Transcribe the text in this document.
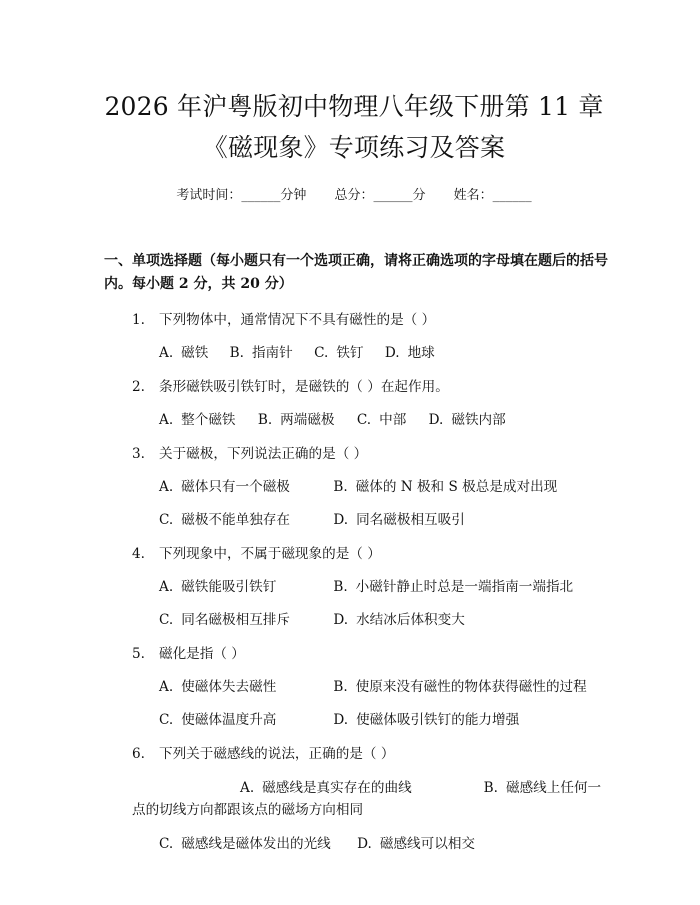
2026 年沪粤版初中物理八年级下册第 11 章
《磁现象》专项练习及答案
考试时间：______分钟 总分：______分 姓名：______
一、单项选择题（每小题只有一个选项正确，请将正确选项的字母填在题后的括号内。每小题 2 分，共 20 分）
1. 下列物体中，通常情况下不具有磁性的是（ ）
A. 磁铁 B. 指南针 C. 铁钉 D. 地球
2. 条形磁铁吸引铁钉时，是磁铁的（ ）在起作用。
A. 整个磁铁 B. 两端磁极 C. 中部 D. 磁铁内部
3. 关于磁极，下列说法正确的是（ ）
A. 磁体只有一个磁极	B. 磁体的 N 极和 S 极总是成对出现
C. 磁极不能单独存在	D. 同名磁极相互吸引
4. 下列现象中，不属于磁现象的是（ ）
A. 磁铁能吸引铁钉	B. 小磁针静止时总是一端指南一端指北
C. 同名磁极相互排斥	D. 水结冰后体积变大
5. 磁化是指（ ）
A. 使磁体失去磁性	B. 使原来没有磁性的物体获得磁性的过程
C. 使磁体温度升高	D. 使磁体吸引铁钉的能力增强
6. 下列关于磁感线的说法，正确的是（ ）
A. 磁感线是真实存在的曲线	B. 磁感线上任何一点的切线方向都跟该点的磁场方向相同
C. 磁感线是磁体发出的光线 D. 磁感线可以相交
